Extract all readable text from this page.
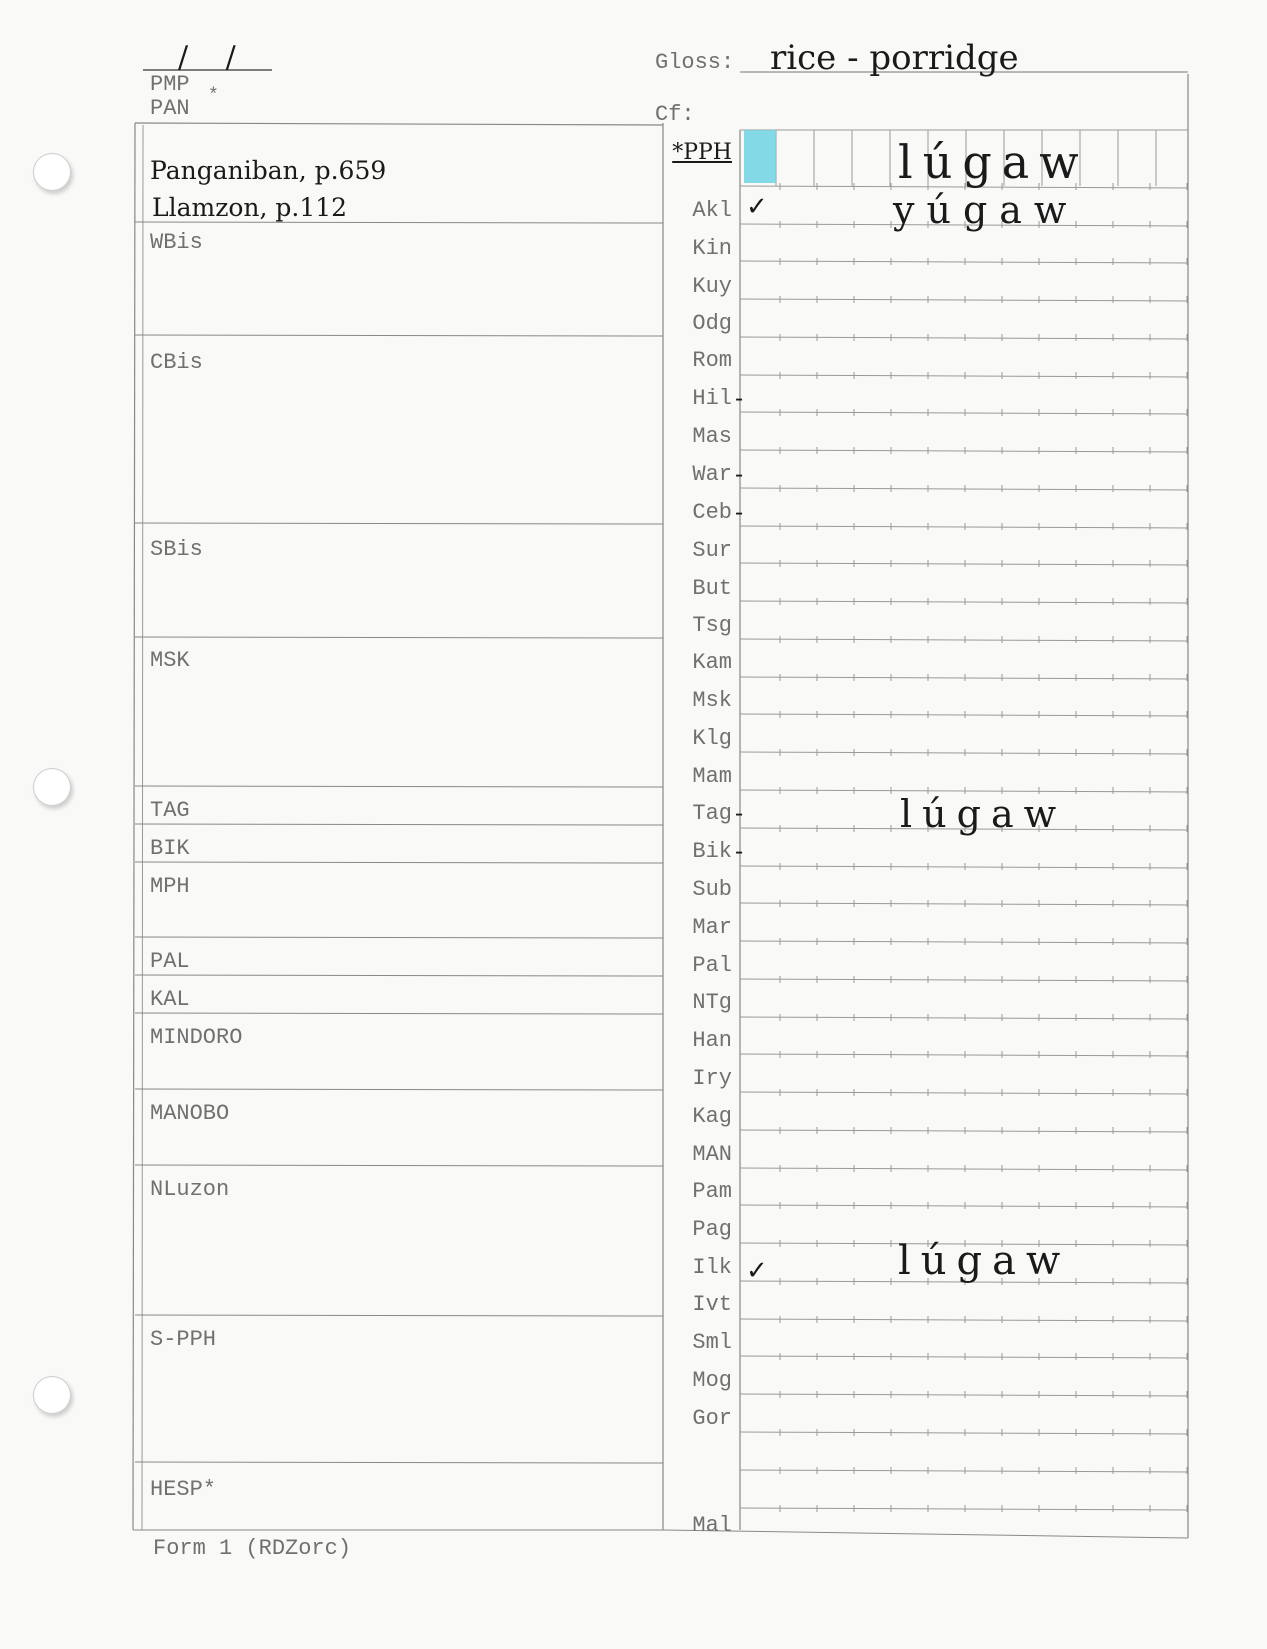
/ /
PMP *
PAN
Gloss: rice - porridge
Cf:
Panganiban, p.659
Llamzon, p.112
WBis
CBis
SBis
MSK
TAG
BIK
MPH
PAL
KAL
MINDORO
MANOBO
NLuzon
S-PPH
HESP*
*PPH
Akl
Kin
Kuy
Odg
Rom
Hil
Mas
War
Ceb
Sur
But
Tsg
Kam
Msk
Klg
Mam
Tag
Bik
Sub
Mar
Pal
NTg
Han
Iry
Kag
MAN
Pam
Pag
Ilk
Ivt
Sml
Mog
Gor
Mal
-
-
-
-
-
lúgaw
✓	yúgaw
lúgaw
✓	lúgaw
Form 1 (RDZorc)
